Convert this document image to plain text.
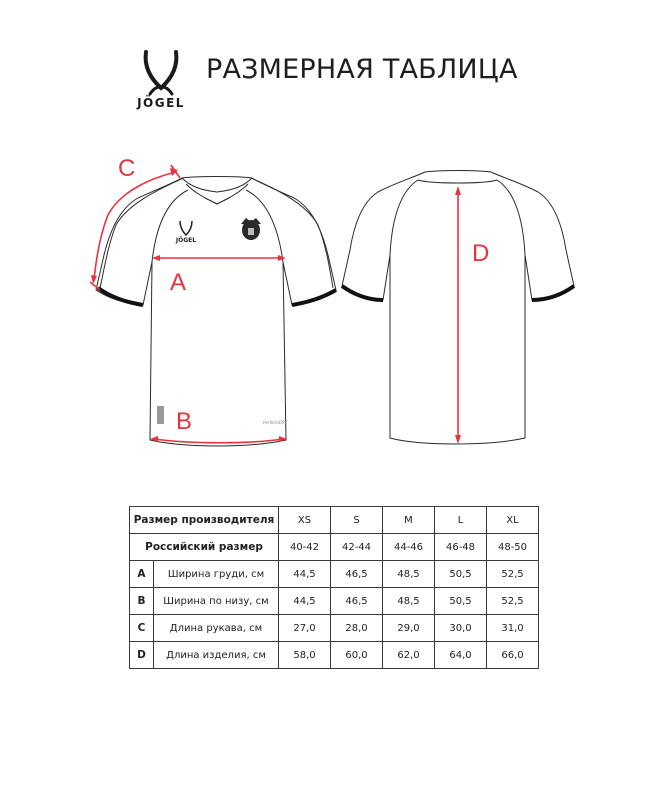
JÖGEL
РАЗМЕРНАЯ ТАБЛИЦА
JÖGEL
PerformDRY
C
A
B
D
Размер производителя		XS	S	M	L	XL
Российский размер		40-42	42-44	44-46	46-48	48-50
A	Ширина груди, см	44,5	46,5	48,5	50,5	52,5
B	Ширина по низу, см	44,5	46,5	48,5	50,5	52,5
C	Длина рукава, см	27,0	28,0	29,0	30,0	31,0
D	Длина изделия, см	58,0	60,0	62,0	64,0	66,0
